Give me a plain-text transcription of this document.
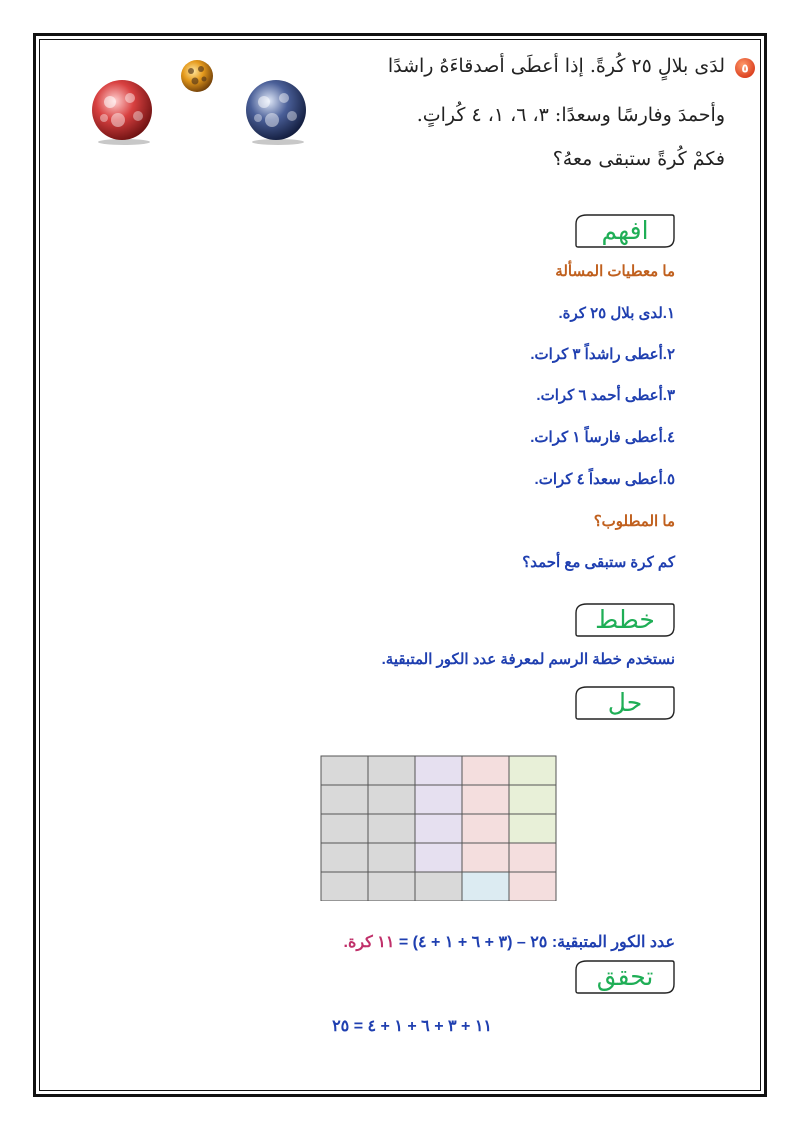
٥
لدَى بلالٍ ٢٥ كُرةً. إذا أعطَى أصدقاءَهُ راشدًا
وأحمدَ وفارسًا وسعدًا: ٣، ٦، ١، ٤ كُراتٍ.
فكمْ كُرةً ستبقى معهُ؟
افهم
ما معطيات المسألة
١.لدى بلال ٢٥ كرة.
٢.أعطى راشداً ٣ كرات.
٣.أعطى أحمد ٦ كرات.
٤.أعطى فارساً ١ كرات.
٥.أعطى سعداً ٤ كرات.
ما المطلوب؟
كم كرة ستبقى مع أحمد؟
خطط
نستخدم خطة الرسم لمعرفة عدد الكور المتبقية.
حل
عدد الكور المتبقية: ٢٥ – (٣ + ٦ + ١ + ٤) = ١١ كرة.
تحقق
١١ + ٣ + ٦ + ١ + ٤ = ٢٥
